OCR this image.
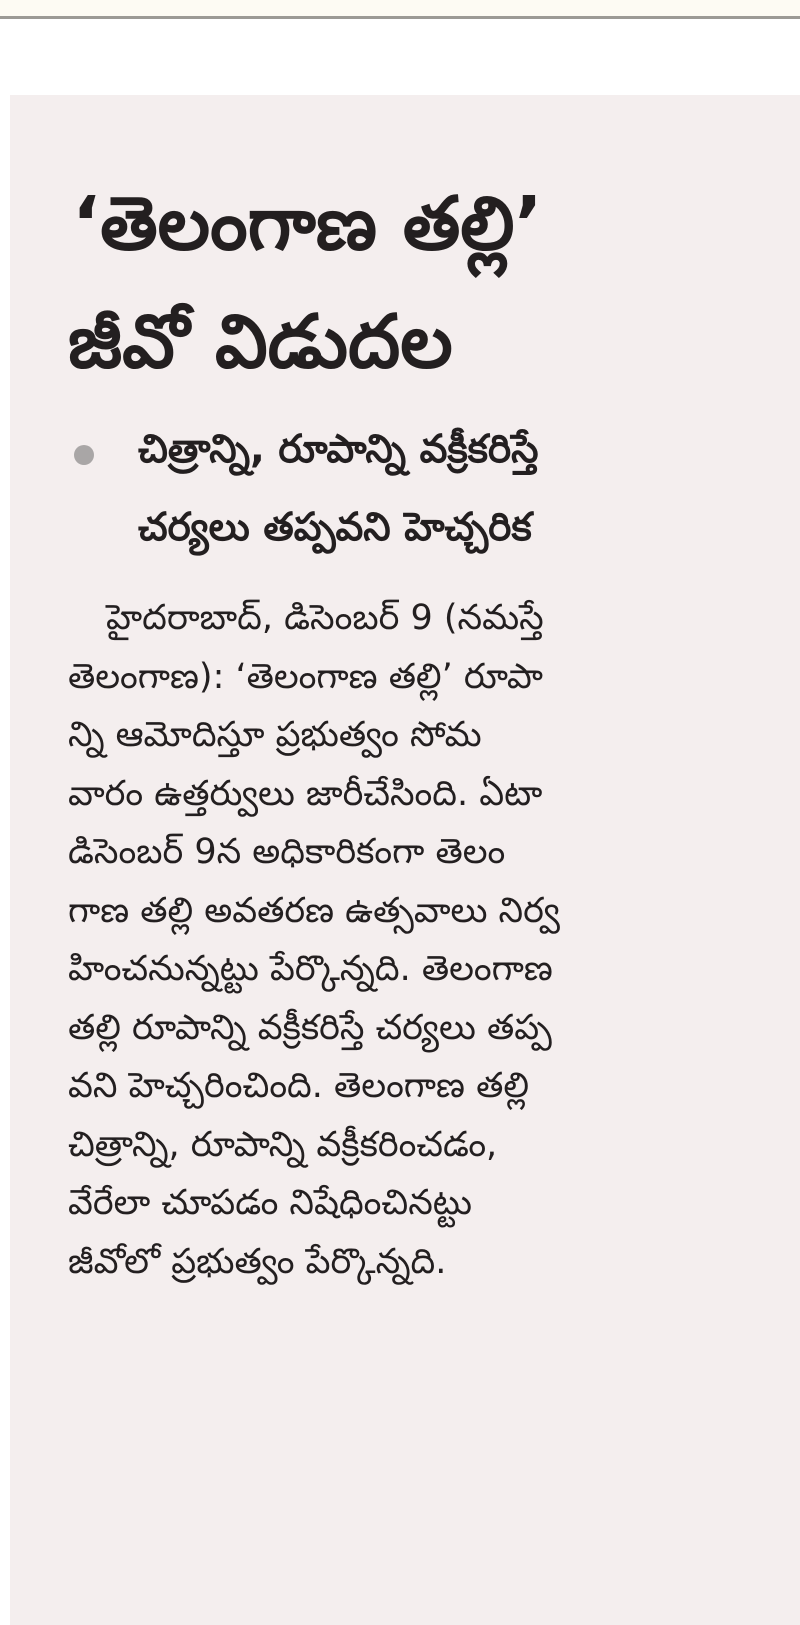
‘తెలంగాణ తల్లి’
జీవో విడుదల
చిత్రాన్ని, రూపాన్ని వక్రీకరిస్తే
చర్యలు తప్పవని హెచ్చరిక
హైదరాబాద్, డిసెంబర్ 9 (నమస్తే
తెలంగాణ): ‘తెలంగాణ తల్లి’ రూపా
న్ని ఆమోదిస్తూ ప్రభుత్వం సోమ
వారం ఉత్తర్వులు జారీచేసింది. ఏటా
డిసెంబర్ 9న అధికారికంగా తెలం
గాణ తల్లి అవతరణ ఉత్సవాలు నిర్వ
హించనున్నట్టు పేర్కొన్నది. తెలంగాణ
తల్లి రూపాన్ని వక్రీకరిస్తే చర్యలు తప్ప
వని హెచ్చరించింది. తెలంగాణ తల్లి
చిత్రాన్ని, రూపాన్ని వక్రీకరించడం,
వేరేలా చూపడం నిషేధించినట్టు
జీవోలో ప్రభుత్వం పేర్కొన్నది.
